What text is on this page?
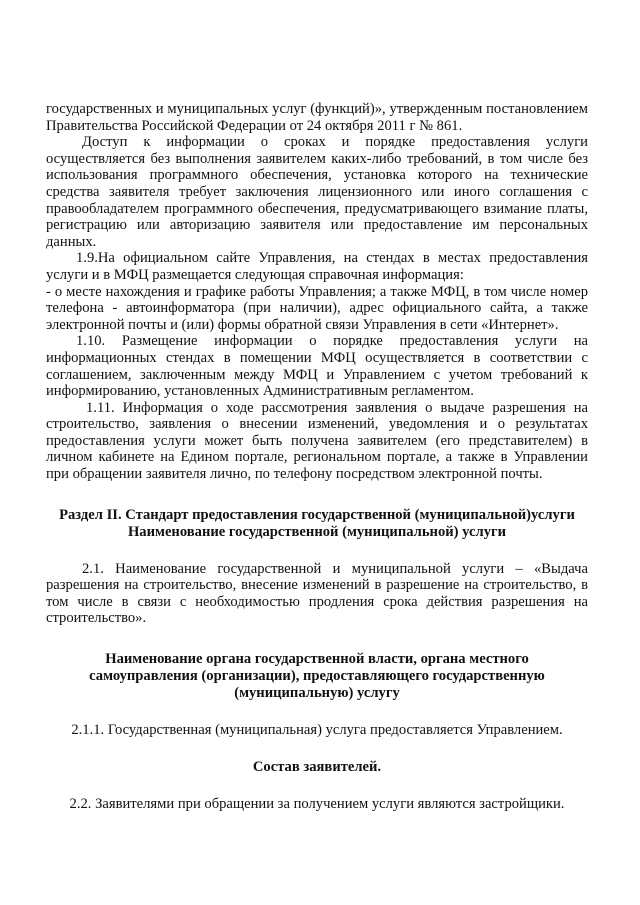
государственных и муниципальных услуг (функций)», утвержденным постановлением Правительства Российской Федерации от 24 октября 2011 г № 861.

Доступ к информации о сроках и порядке предоставления услуги осуществляется без выполнения заявителем каких-либо требований, в том числе без использования программного обеспечения, установка которого на технические средства заявителя требует заключения лицензионного или иного соглашения с правообладателем программного обеспечения, предусматривающего взимание платы, регистрацию или авторизацию заявителя или предоставление им персональных данных.

1.9.На официальном сайте Управления, на стендах в местах предоставления услуги и в МФЦ размещается следующая справочная информация:

- о месте нахождения и графике работы Управления; а также МФЦ, в том числе номер телефона - автоинформатора (при наличии), адрес официального сайта, а также электронной почты и (или) формы обратной связи Управления в сети «Интернет».

1.10. Размещение информации о порядке предоставления услуги на информационных стендах в помещении МФЦ осуществляется в соответствии с соглашением, заключенным между МФЦ и Управлением с учетом требований к информированию, установленных Административным регламентом.

1.11. Информация о ходе рассмотрения заявления о выдаче разрешения на строительство, заявления о внесении изменений, уведомления и о результатах предоставления услуги может быть получена заявителем (его представителем) в личном кабинете на Едином портале, региональном портале, а также в Управлении при обращении заявителя лично, по телефону посредством электронной почты.

Раздел II. Стандарт предоставления государственной (муниципальной)услуги
Наименование государственной (муниципальной) услуги

2.1. Наименование государственной и муниципальной услуги – «Выдача разрешения на строительство, внесение изменений в разрешение на строительство, в том числе в связи с необходимостью продления срока действия разрешения на строительство».

Наименование органа государственной власти, органа местного
самоуправления (организации), предоставляющего государственную
(муниципальную) услугу

2.1.1. Государственная (муниципальная) услуга предоставляется Управлением.

Состав заявителей.

2.2. Заявителями при обращении за получением услуги являются застройщики.
